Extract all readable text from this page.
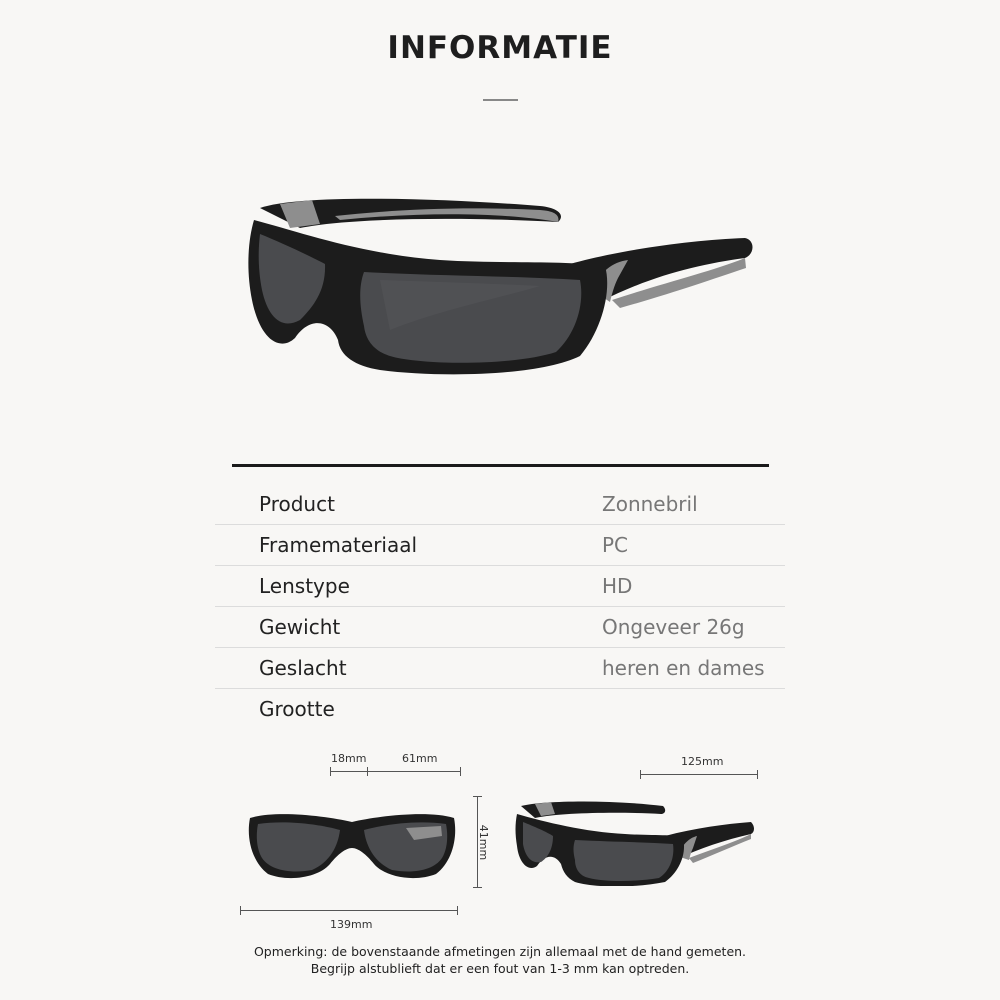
INFORMATIE
Product	Zonnebril
Framemateriaal	PC
Lenstype	HD
Gewicht	Ongeveer 26g
Geslacht	heren en dames
Grootte
18mm	61mm
41mm
139mm
125mm
Opmerking: de bovenstaande afmetingen zijn allemaal met de hand gemeten.
Begrijp alstublieft dat er een fout van 1-3 mm kan optreden.
